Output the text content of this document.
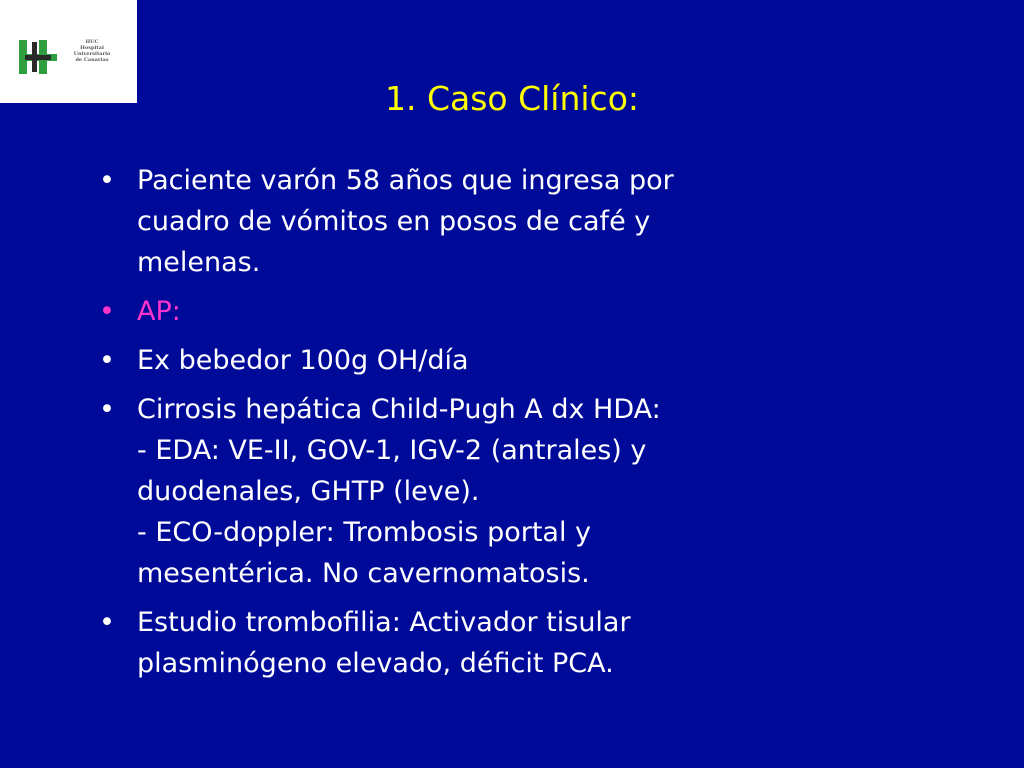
HUC
Hospital
Universitario
de Canarias
1. Caso Clínico:
• Paciente varón 58 años que ingresa por
cuadro de vómitos en posos de café y
melenas.
• AP:
• Ex bebedor 100g OH/día
• Cirrosis hepática Child-Pugh A dx HDA:
- EDA: VE-II, GOV-1, IGV-2 (antrales) y
duodenales, GHTP (leve).
- ECO-doppler: Trombosis portal y
mesentérica. No cavernomatosis.
• Estudio trombofilia: Activador tisular
plasminógeno elevado, déficit PCA.
